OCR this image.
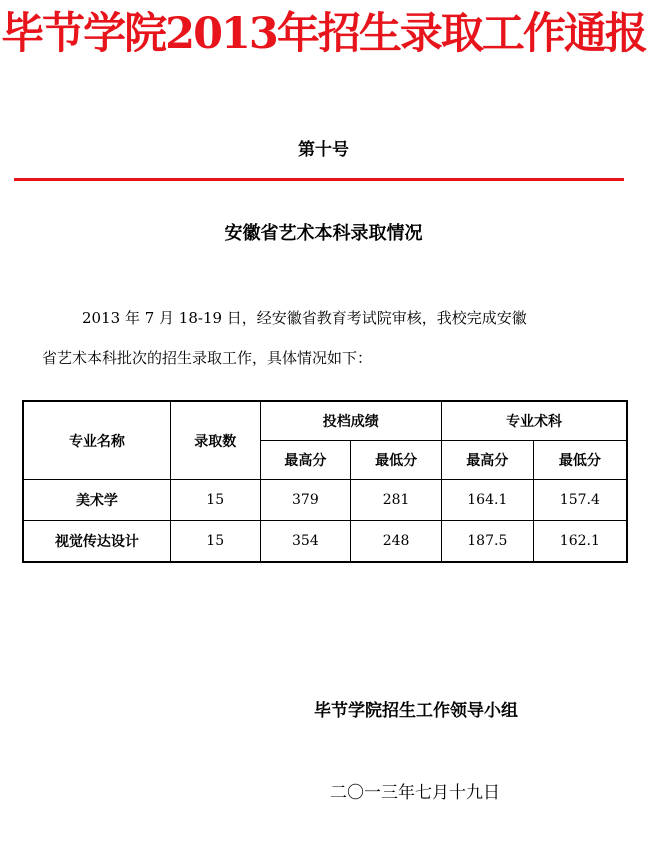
毕节学院2013年招生录取工作通报
第十号
安徽省艺术本科录取情况
2013 年 7 月 18-19 日，经安徽省教育考试院审核，我校完成安徽
省艺术本科批次的招生录取工作，具体情况如下：
专业名称	录取数	投档成绩		专业术科	
		最高分	最低分	最高分	最低分
美术学	15	379	281	164.1	157.4
视觉传达设计	15	354	248	187.5	162.1
毕节学院招生工作领导小组
二〇一三年七月十九日
